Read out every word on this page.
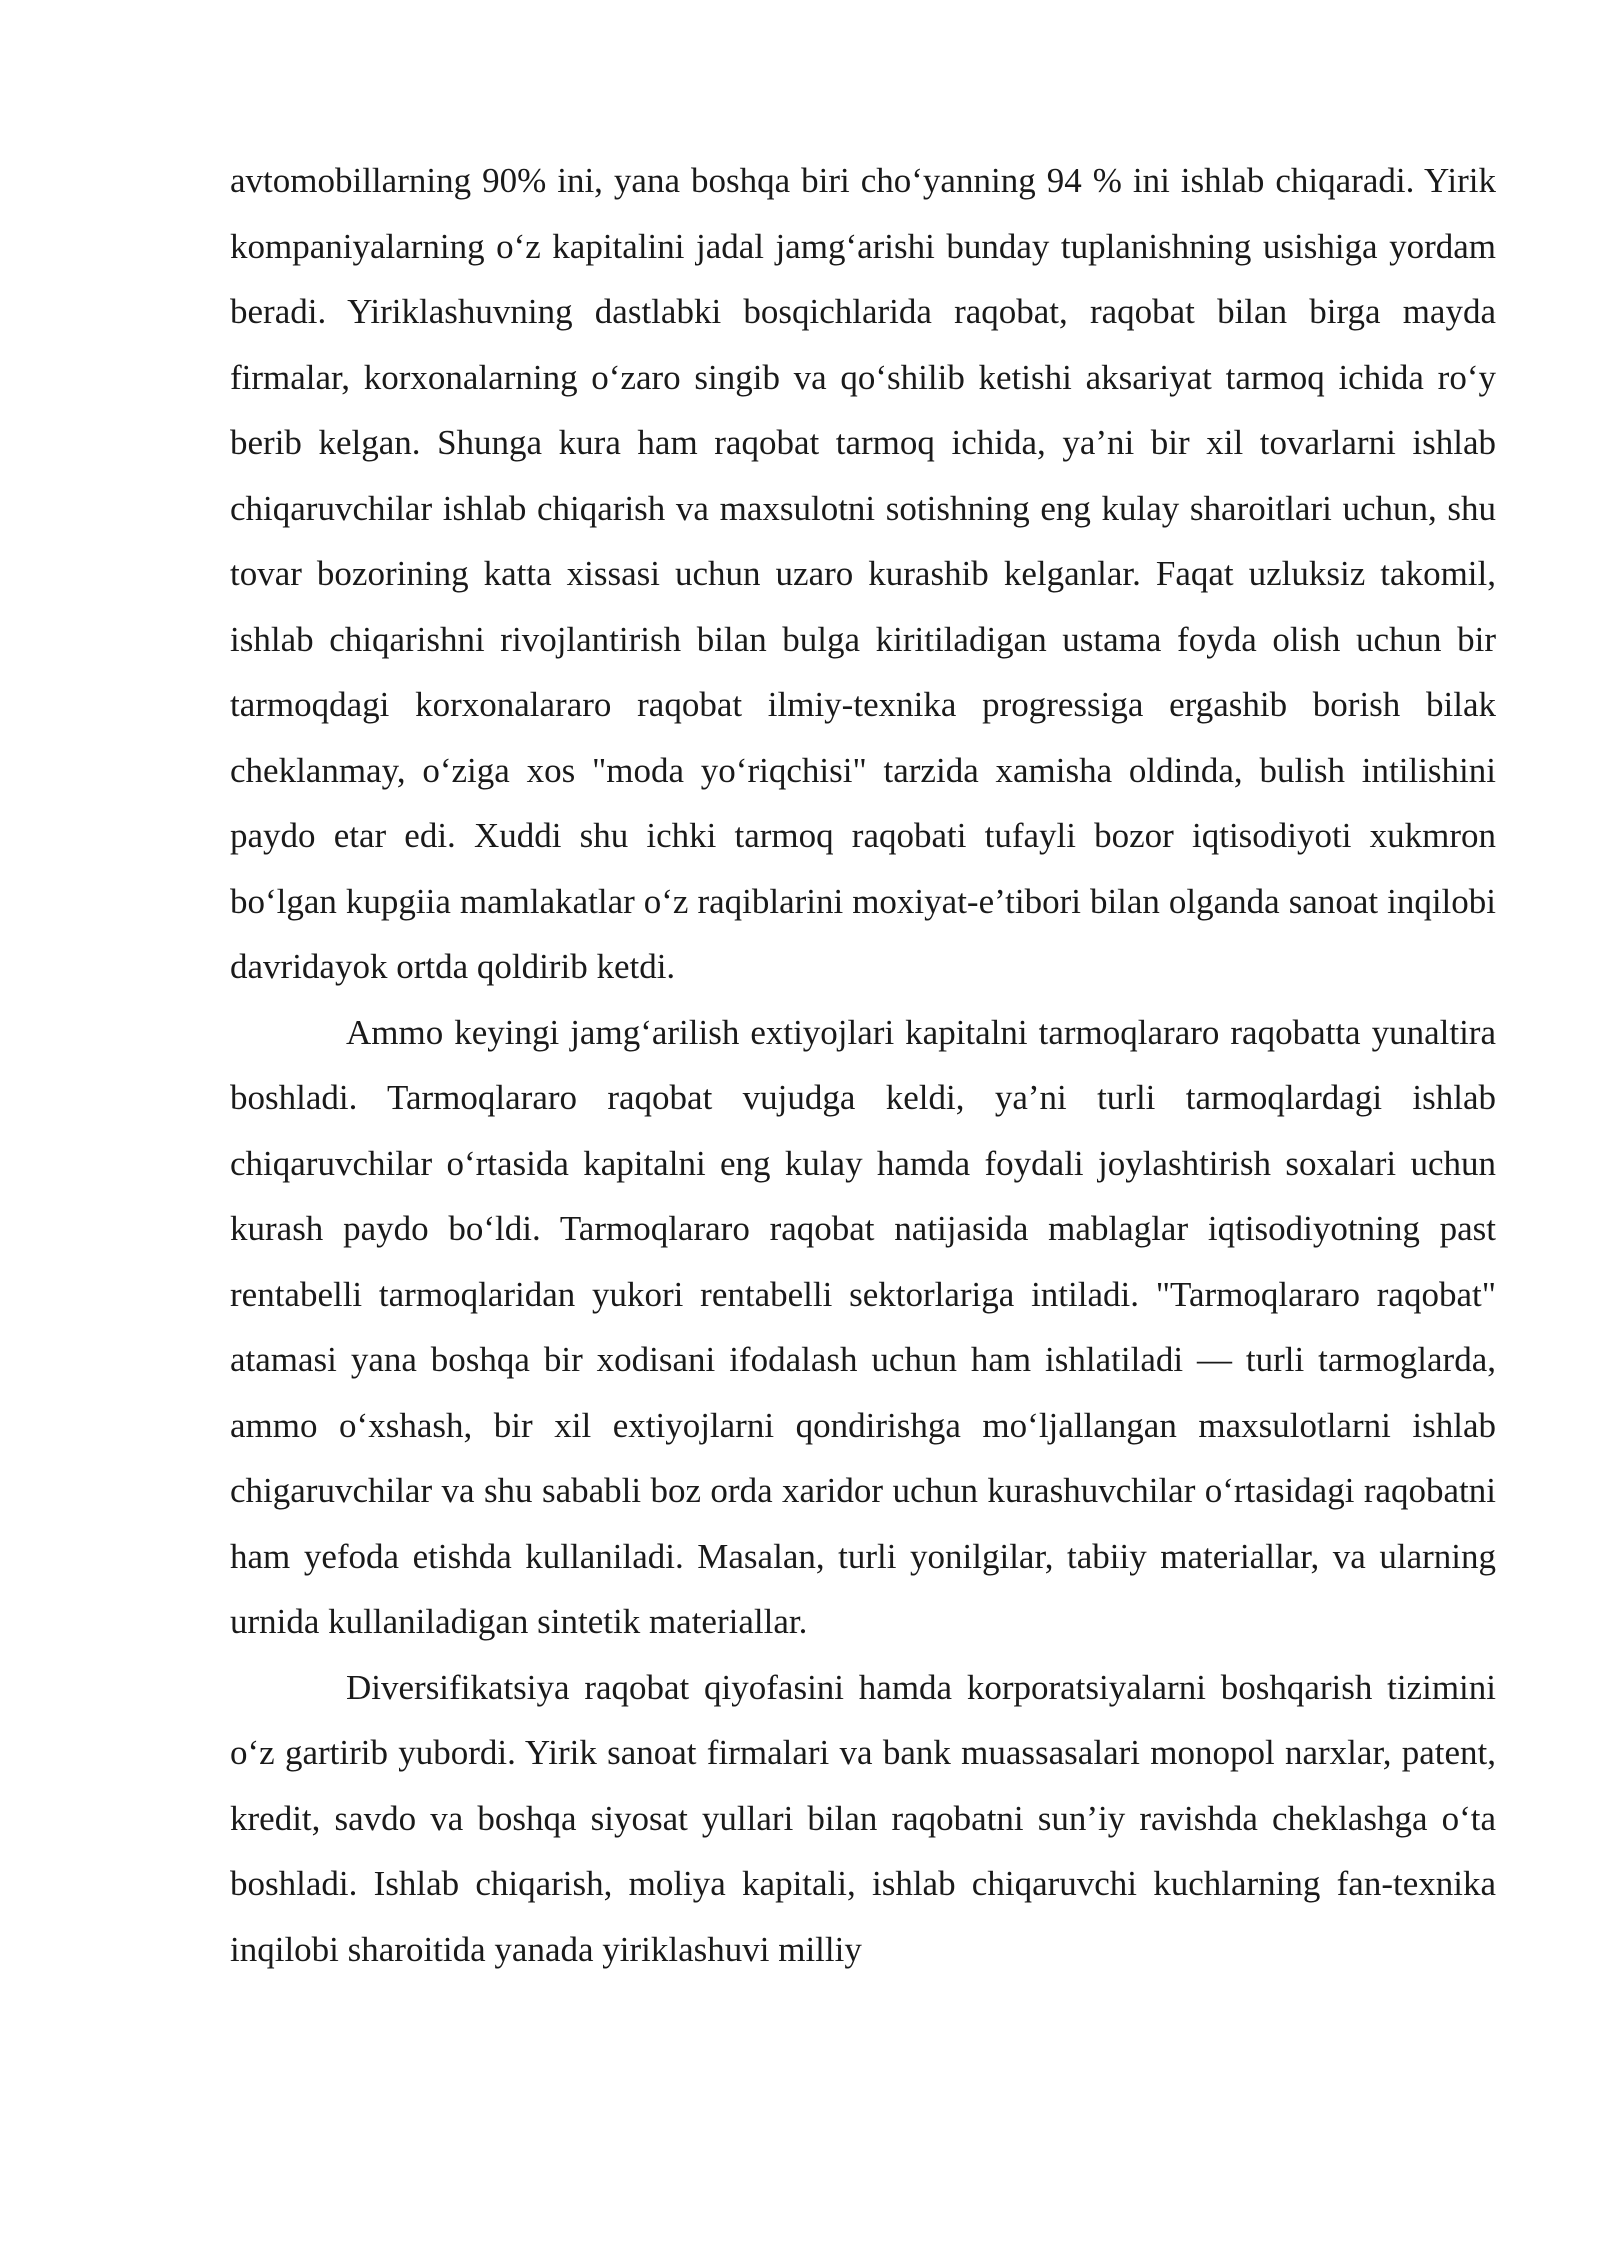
avtomobillarning 90% ini, yana boshqa biri cho‘yanning 94 % ini ishlab chiqaradi. Yirik kompaniyalarning o‘z kapitalini jadal jamg‘arishi bunday tuplanishning usishiga yordam beradi. Yiriklashuvning dastlabki bosqichlarida raqobat, raqobat bilan birga mayda firmalar, korxonalarning o‘zaro singib va qo‘shilib ketishi aksariyat tarmoq ichida ro‘y berib kelgan. Shunga kura ham raqobat tarmoq ichida, ya’ni bir xil tovarlarni ishlab chiqaruvchilar ishlab chiqarish va maxsulotni sotishning eng kulay sharoitlari uchun, shu tovar bozorining katta xissasi uchun uzaro kurashib kelganlar. Faqat uzluksiz takomil, ishlab chiqarishni rivojlantirish bilan bulga kiritiladigan ustama foyda olish uchun bir tarmoqdagi korxonalararo raqobat ilmiy-texnika progressiga ergashib borish bilak cheklanmay, o‘ziga xos "moda yo‘riqchisi" tarzida xamisha oldinda, bulish intilishini paydo etar edi. Xuddi shu ichki tarmoq raqobati tufayli bozor iqtisodiyoti xukmron bo‘lgan kupgiia mamlakatlar o‘z raqiblarini moxiyat-e’tibori bilan olganda sanoat inqilobi davridayok ortda qoldirib ketdi.

Ammo keyingi jamg‘arilish extiyojlari kapitalni tarmoqlararo raqobatta yunaltira boshladi. Tarmoqlararo raqobat vujudga keldi, ya’ni turli tarmoqlardagi ishlab chiqaruvchilar o‘rtasida kapitalni eng kulay hamda foydali joylashtirish soxalari uchun kurash paydo bo‘ldi. Tarmoqlararo raqobat natijasida mablaglar iqtisodiyotning past rentabelli tarmoqlaridan yukori rentabelli sektorlariga intiladi. "Tarmoqlararo raqobat" atamasi yana boshqa bir xodisani ifodalash uchun ham ishlatiladi — turli tarmoglarda, ammo o‘xshash, bir xil extiyojlarni qondirishga mo‘ljallangan maxsulotlarni ishlab chigaruvchilar va shu sababli boz orda xaridor uchun kurashuvchilar o‘rtasidagi raqobatni ham yefoda etishda kullaniladi. Masalan, turli yonilgilar, tabiiy materiallar, va ularning urnida kullaniladigan sintetik materiallar.

Diversifikatsiya raqobat qiyofasini hamda korporatsiyalarni boshqarish tizimini o‘z gartirib yubordi. Yirik sanoat firmalari va bank muassasalari monopol narxlar, patent, kredit, savdo va boshqa siyosat yullari bilan raqobatni sun’iy ravishda cheklashga o‘ta boshladi. Ishlab chiqarish, moliya kapitali, ishlab chiqaruvchi kuchlarning fan-texnika inqilobi sharoitida yanada yiriklashuvi milliy
